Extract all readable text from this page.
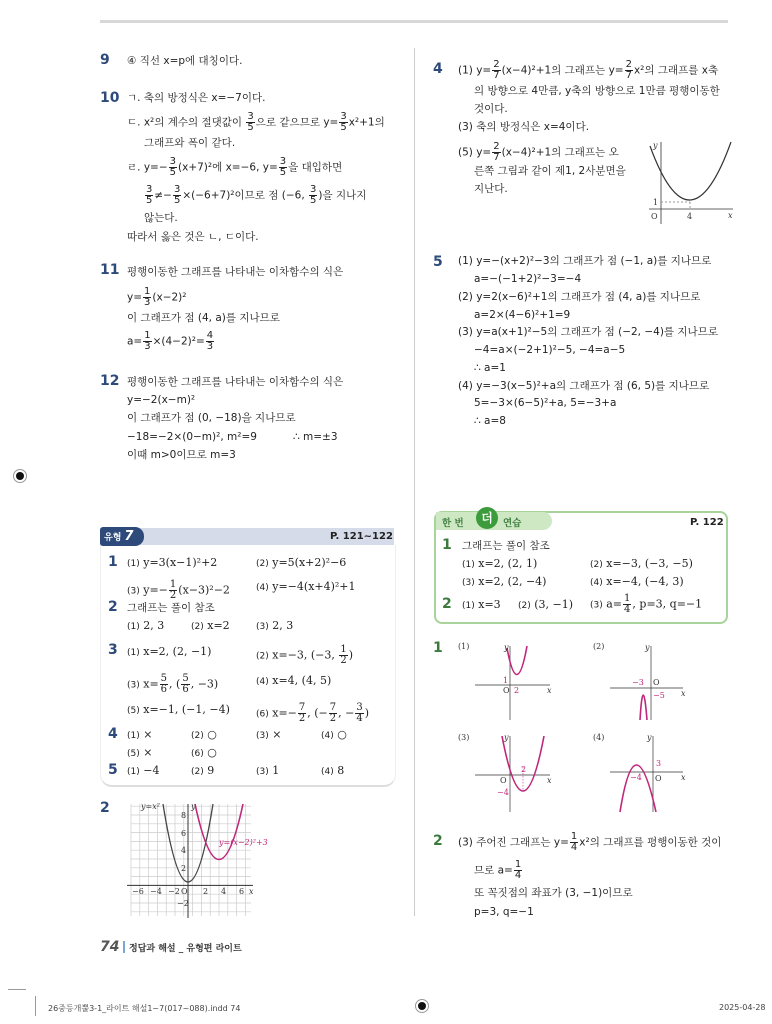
9 ④ 직선 x=p에 대칭이다.
10 ㄱ. 축의 방정식은 x=−7이다.
ㄷ. x²의 계수의 절댓값이 $\frac{3}{5}$ 으로 같으므로 $y= \frac{3}{5} x^2+1$의
그래프와 폭이 같다.
ㄹ. $y=- \frac{3}{5} (x+7)^2$에 x=−6, $y= \frac{3}{5}$ 을 대입하면
$\frac{3}{5} \ne- \frac{3}{5} \times(-6+7)^2$이므로 점 (−6, $\frac{3}{5}$ )을 지나지
않는다.
따라서 옳은 것은 ㄴ, ㄷ이다.
11 평행이동한 그래프를 나타내는 이차함수의 식은
$y= \frac{1}{3} (x-2)^2$
이 그래프가 점 (4, a)를 지나므로
$a= \frac{1}{3} \times(4-2)^2= \frac{4}{3}$
12 평행이동한 그래프를 나타내는 이차함수의 식은
y=−2(x−m)²
이 그래프가 점 (0, −18)을 지나므로
−18=−2×(0−m)², m²=9	∴ m=±3
이때 m>0이므로 m=3
유형 7	P. 121~122
1 (1) y=3(x−1)²+2	(2) y=5(x+2)²−6
(3) $y=- \frac{1}{2} (x-3)^2-2$	(4) y=−4(x+4)²+1
2 그래프는 풀이 참조
(1) 2, 3	(2) x=2	(3) 2, 3
3 (1) x=2, (2, −1)	(2) x=−3, (−3, $\frac{1}{2}$ )
(3) $x= \frac{5}{6}$ , ( $\frac{5}{6}$ , −3)	(4) x=4, (4, 5)
(5) x=−1, (−1, −4)	(6) $x=- \frac{7}{2}$ , (− $\frac{7}{2}$ , − $\frac{3}{4}$ )
4 (1) ×	(2) ○	(3) ×	(4) ○
(5) ×	(6) ○
5 (1) −4	(2) 9	(3) 1	(4) 8
2	y=x²
y=(x−2)²+3
y
x
O
−6 −4 −2	2 4 6
8
6
4
2
−2
4 (1) $y= \frac{2}{7} (x-4)^2+1$의 그래프는 $y= \frac{2}{7} x^2$의 그래프를 x축
의 방향으로 4만큼, y축의 방향으로 1만큼 평행이동한
것이다.
(3) 축의 방정식은 x=4이다.
(5) $y= \frac{2}{7} (x-4)^2+1$의 그래프는 오
른쪽 그림과 같이 제1, 2사분면을
지난다.
y
x
O	4
1
5 (1) y=−(x+2)²−3의 그래프가 점 (−1, a)를 지나므로
a=−(−1+2)²−3=−4
(2) y=2(x−6)²+1의 그래프가 점 (4, a)를 지나므로
a=2×(4−6)²+1=9
(3) y=a(x+1)²−5의 그래프가 점 (−2, −4)를 지나므로
−4=a×(−2+1)²−5, −4=a−5
∴ a=1
(4) y=−3(x−5)²+a의 그래프가 점 (6, 5)를 지나므로
5=−3×(6−5)²+a, 5=−3+a
∴ a=8
한 번	더	연습	P. 122
1 그래프는 풀이 참조
(1) x=2, (2, 1)	(2) x=−3, (−3, −5)
(3) x=2, (2, −4)	(4) x=−4, (−4, 3)
2 (1) x=3 (2) (3, −1) (3) $a= \frac{1}{4}$ , p=3, q=−1
1 (1)	y
x
O
1
2
(2)	y
x
O
−3
−5
(3)	y
x
O
2
−4
(4)	y
x
O
3
−4
2 (3) 주어진 그래프는 $y= \frac{1}{4} x^2$의 그래프를 평행이동한 것이
므로 $a= \frac{1}{4}$
또 꼭짓점의 좌표가 (3, −1)이므로
p=3, q=−1
74 정답과 해설 _ 유형편 라이트
26중등개뿔3-1_라이트 해설1~7(017~088).indd 74	2025-04-28
